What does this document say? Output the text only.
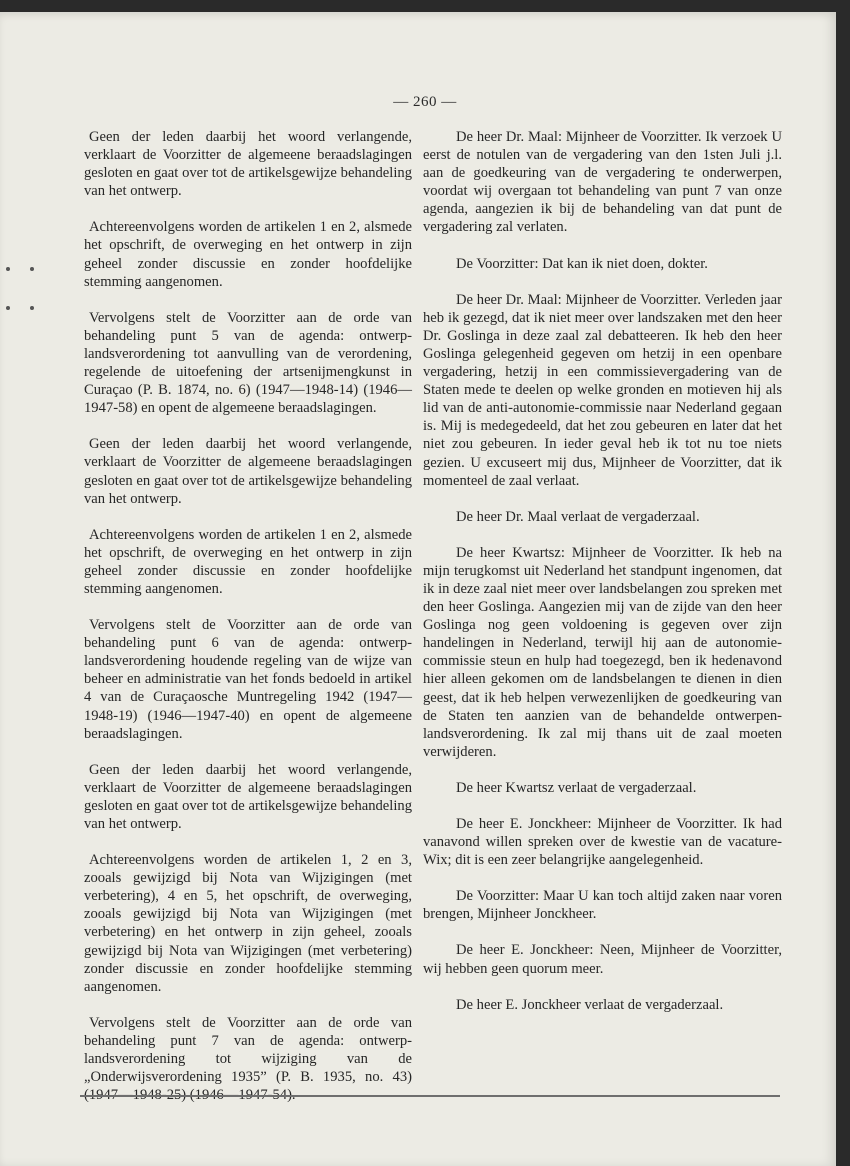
— 260 —

Geen der leden daarbij het woord verlangende, verklaart de Voorzitter de algemeene beraadslagingen gesloten en gaat over tot de artikelsgewijze behandeling van het ontwerp.

Achtereenvolgens worden de artikelen 1 en 2, alsmede het opschrift, de overweging en het ontwerp in zijn geheel zonder discussie en zonder hoofdelijke stemming aangenomen.

Vervolgens stelt de Voorzitter aan de orde van behandeling punt 5 van de agenda: ontwerp-landsverordening tot aanvulling van de verordening, regelende de uitoefening der artsenijmengkunst in Curaçao (P. B. 1874, no. 6) (1947—1948-14) (1946—1947-58) en opent de algemeene beraadslagingen.

Geen der leden daarbij het woord verlangende, verklaart de Voorzitter de algemeene beraadslagingen gesloten en gaat over tot de artikelsgewijze behandeling van het ontwerp.

Achtereenvolgens worden de artikelen 1 en 2, alsmede het opschrift, de overweging en het ontwerp in zijn geheel zonder discussie en zonder hoofdelijke stemming aangenomen.

Vervolgens stelt de Voorzitter aan de orde van behandeling punt 6 van de agenda: ontwerp-landsverordening houdende regeling van de wijze van beheer en administratie van het fonds bedoeld in artikel 4 van de Curaçaosche Muntregeling 1942 (1947—1948-19) (1946—1947-40) en opent de algemeene beraadslagingen.

Geen der leden daarbij het woord verlangende, verklaart de Voorzitter de algemeene beraadslagingen gesloten en gaat over tot de artikelsgewijze behandeling van het ontwerp.

Achtereenvolgens worden de artikelen 1, 2 en 3, zooals gewijzigd bij Nota van Wijzigingen (met verbetering), 4 en 5, het opschrift, de overweging, zooals gewijzigd bij Nota van Wijzigingen (met verbetering) en het ontwerp in zijn geheel, zooals gewijzigd bij Nota van Wijzigingen (met verbetering) zonder discussie en zonder hoofdelijke stemming aangenomen.

Vervolgens stelt de Voorzitter aan de orde van behandeling punt 7 van de agenda: ontwerp-landsverordening tot wijziging van de „Onderwijsverordening 1935” (P. B. 1935, no. 43) (1947—1948-25) (1946—1947-54).

De heer Dr. Maal: Mijnheer de Voorzitter. Ik verzoek U eerst de notulen van de vergadering van den 1sten Juli j.l. aan de goedkeuring van de vergadering te onderwerpen, voordat wij overgaan tot behandeling van punt 7 van onze agenda, aangezien ik bij de behandeling van dat punt de vergadering zal verlaten.

De Voorzitter: Dat kan ik niet doen, dokter.

De heer Dr. Maal: Mijnheer de Voorzitter. Verleden jaar heb ik gezegd, dat ik niet meer over landszaken met den heer Dr. Goslinga in deze zaal zal debatteeren. Ik heb den heer Goslinga gelegenheid gegeven om hetzij in een openbare vergadering, hetzij in een commissievergadering van de Staten mede te deelen op welke gronden en motieven hij als lid van de anti-autonomie-commissie naar Nederland gegaan is. Mij is medegedeeld, dat het zou gebeuren en later dat het niet zou gebeuren. In ieder geval heb ik tot nu toe niets gezien. U excuseert mij dus, Mijnheer de Voorzitter, dat ik momenteel de zaal verlaat.

De heer Dr. Maal verlaat de vergaderzaal.

De heer Kwartsz: Mijnheer de Voorzitter. Ik heb na mijn terugkomst uit Nederland het standpunt ingenomen, dat ik in deze zaal niet meer over landsbelangen zou spreken met den heer Goslinga. Aangezien mij van de zijde van den heer Goslinga nog geen voldoening is gegeven over zijn handelingen in Nederland, terwijl hij aan de autonomie-commissie steun en hulp had toegezegd, ben ik hedenavond hier alleen gekomen om de landsbelangen te dienen in dien geest, dat ik heb helpen verwezenlijken de goedkeuring van de Staten ten aanzien van de behandelde ontwerpen-landsverordening. Ik zal mij thans uit de zaal moeten verwijderen.

De heer Kwartsz verlaat de vergaderzaal.

De heer E. Jonckheer: Mijnheer de Voorzitter. Ik had vanavond willen spreken over de kwestie van de vacature-Wix; dit is een zeer belangrijke aangelegenheid.

De Voorzitter: Maar U kan toch altijd zaken naar voren brengen, Mijnheer Jonckheer.

De heer E. Jonckheer: Neen, Mijnheer de Voorzitter, wij hebben geen quorum meer.

De heer E. Jonckheer verlaat de vergaderzaal.
